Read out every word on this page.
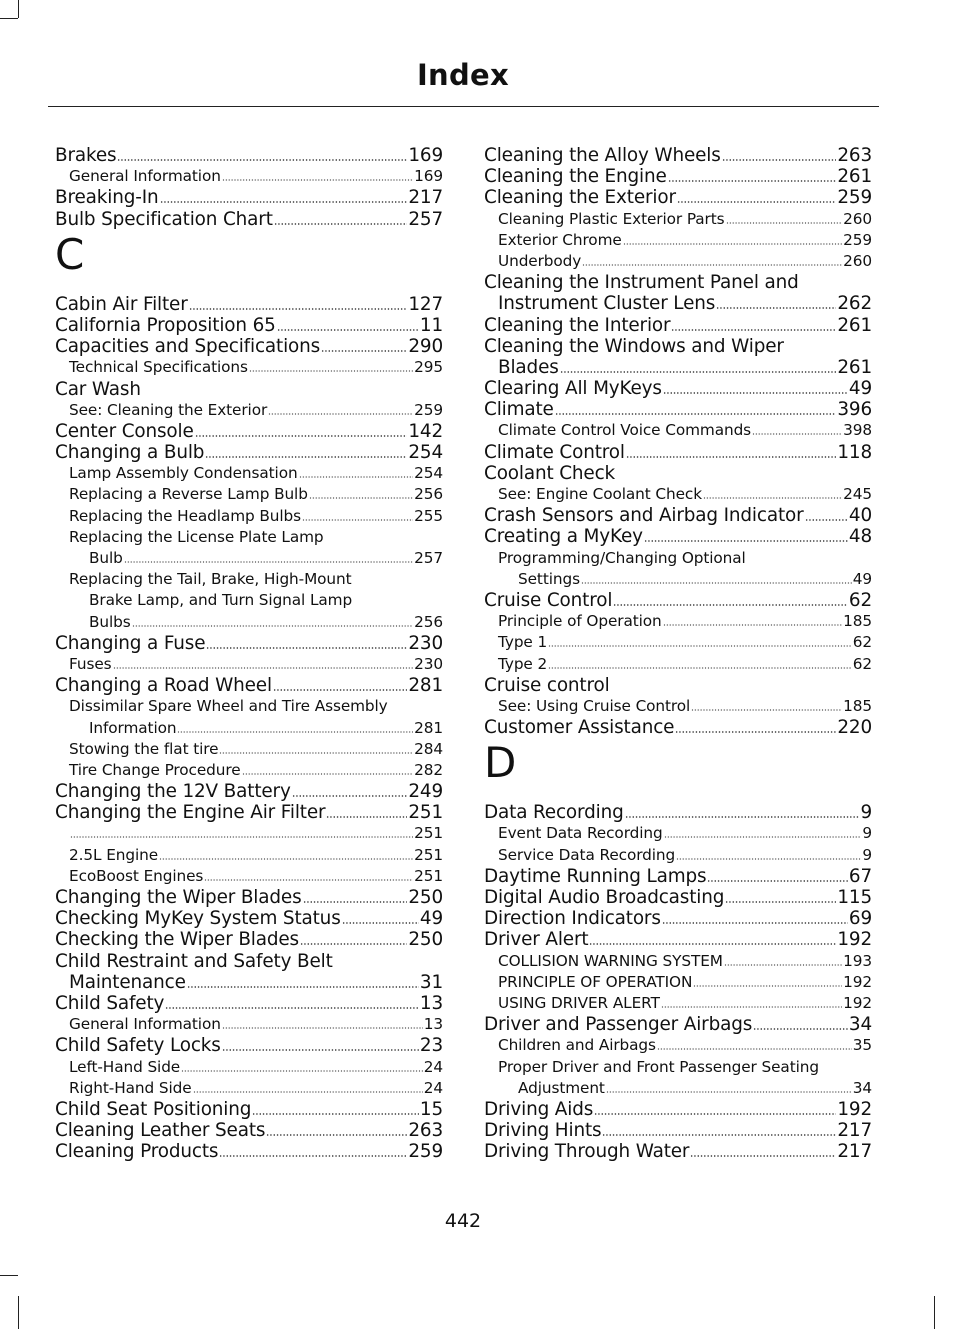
Index
Brakes	169
General Information	169
Breaking-In	217
Bulb Specification Chart	257
C
Cabin Air Filter	127
California Proposition 65	11
Capacities and Specifications	290
Technical Specifications	295
Car Wash
See: Cleaning the Exterior	259
Center Console	142
Changing a Bulb	254
Lamp Assembly Condensation	254
Replacing a Reverse Lamp Bulb	256
Replacing the Headlamp Bulbs	255
Replacing the License Plate Lamp
Bulb	257
Replacing the Tail, Brake, High-Mount
Brake Lamp, and Turn Signal Lamp
Bulbs	256
Changing a Fuse	230
Fuses	230
Changing a Road Wheel	281
Dissimilar Spare Wheel and Tire Assembly
Information	281
Stowing the flat tire	284
Tire Change Procedure	282
Changing the 12V Battery	249
Changing the Engine Air Filter	251
251
2.5L Engine	251
EcoBoost Engines	251
Changing the Wiper Blades	250
Checking MyKey System Status	49
Checking the Wiper Blades	250
Child Restraint and Safety Belt
Maintenance	31
Child Safety	13
General Information	13
Child Safety Locks	23
Left-Hand Side	24
Right-Hand Side	24
Child Seat Positioning	15
Cleaning Leather Seats	263
Cleaning Products	259
Cleaning the Alloy Wheels	263
Cleaning the Engine	261
Cleaning the Exterior	259
Cleaning Plastic Exterior Parts	260
Exterior Chrome	259
Underbody	260
Cleaning the Instrument Panel and
Instrument Cluster Lens	262
Cleaning the Interior	261
Cleaning the Windows and Wiper
Blades	261
Clearing All MyKeys	49
Climate	396
Climate Control Voice Commands	398
Climate Control	118
Coolant Check
See: Engine Coolant Check	245
Crash Sensors and Airbag Indicator 40
Creating a MyKey	48
Programming/Changing Optional
Settings	49
Cruise Control	62
Principle of Operation	185
Type 1	62
Type 2	62
Cruise control
See: Using Cruise Control	185
Customer Assistance	220
D
Data Recording	9
Event Data Recording	9
Service Data Recording	9
Daytime Running Lamps	67
Digital Audio Broadcasting	115
Direction Indicators	69
Driver Alert	192
COLLISION WARNING SYSTEM	193
PRINCIPLE OF OPERATION	192
USING DRIVER ALERT	192
Driver and Passenger Airbags	34
Children and Airbags	35
Proper Driver and Front Passenger Seating
Adjustment	34
Driving Aids	192
Driving Hints	217
Driving Through Water	217
442
